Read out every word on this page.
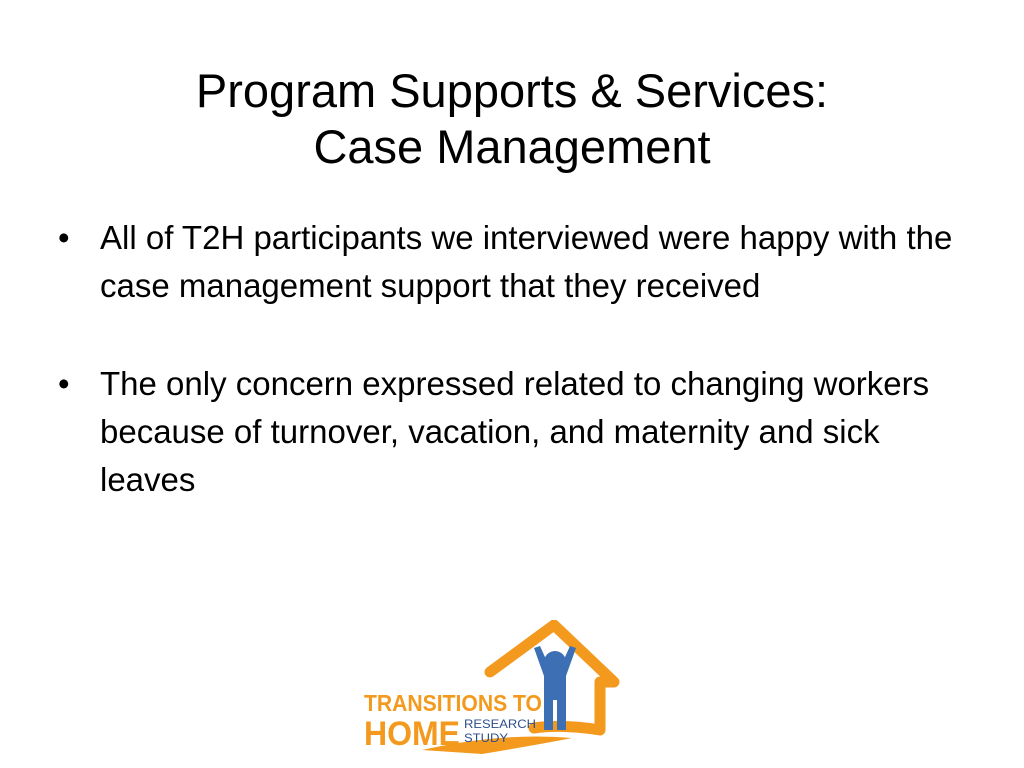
Program Supports & Services:
Case Management
• All of T2H participants we interviewed were happy with the case management support that they received
• The only concern expressed related to changing workers because of turnover, vacation, and maternity and sick leaves
TRANSITIONS TO
HOME RESEARCH
STUDY
